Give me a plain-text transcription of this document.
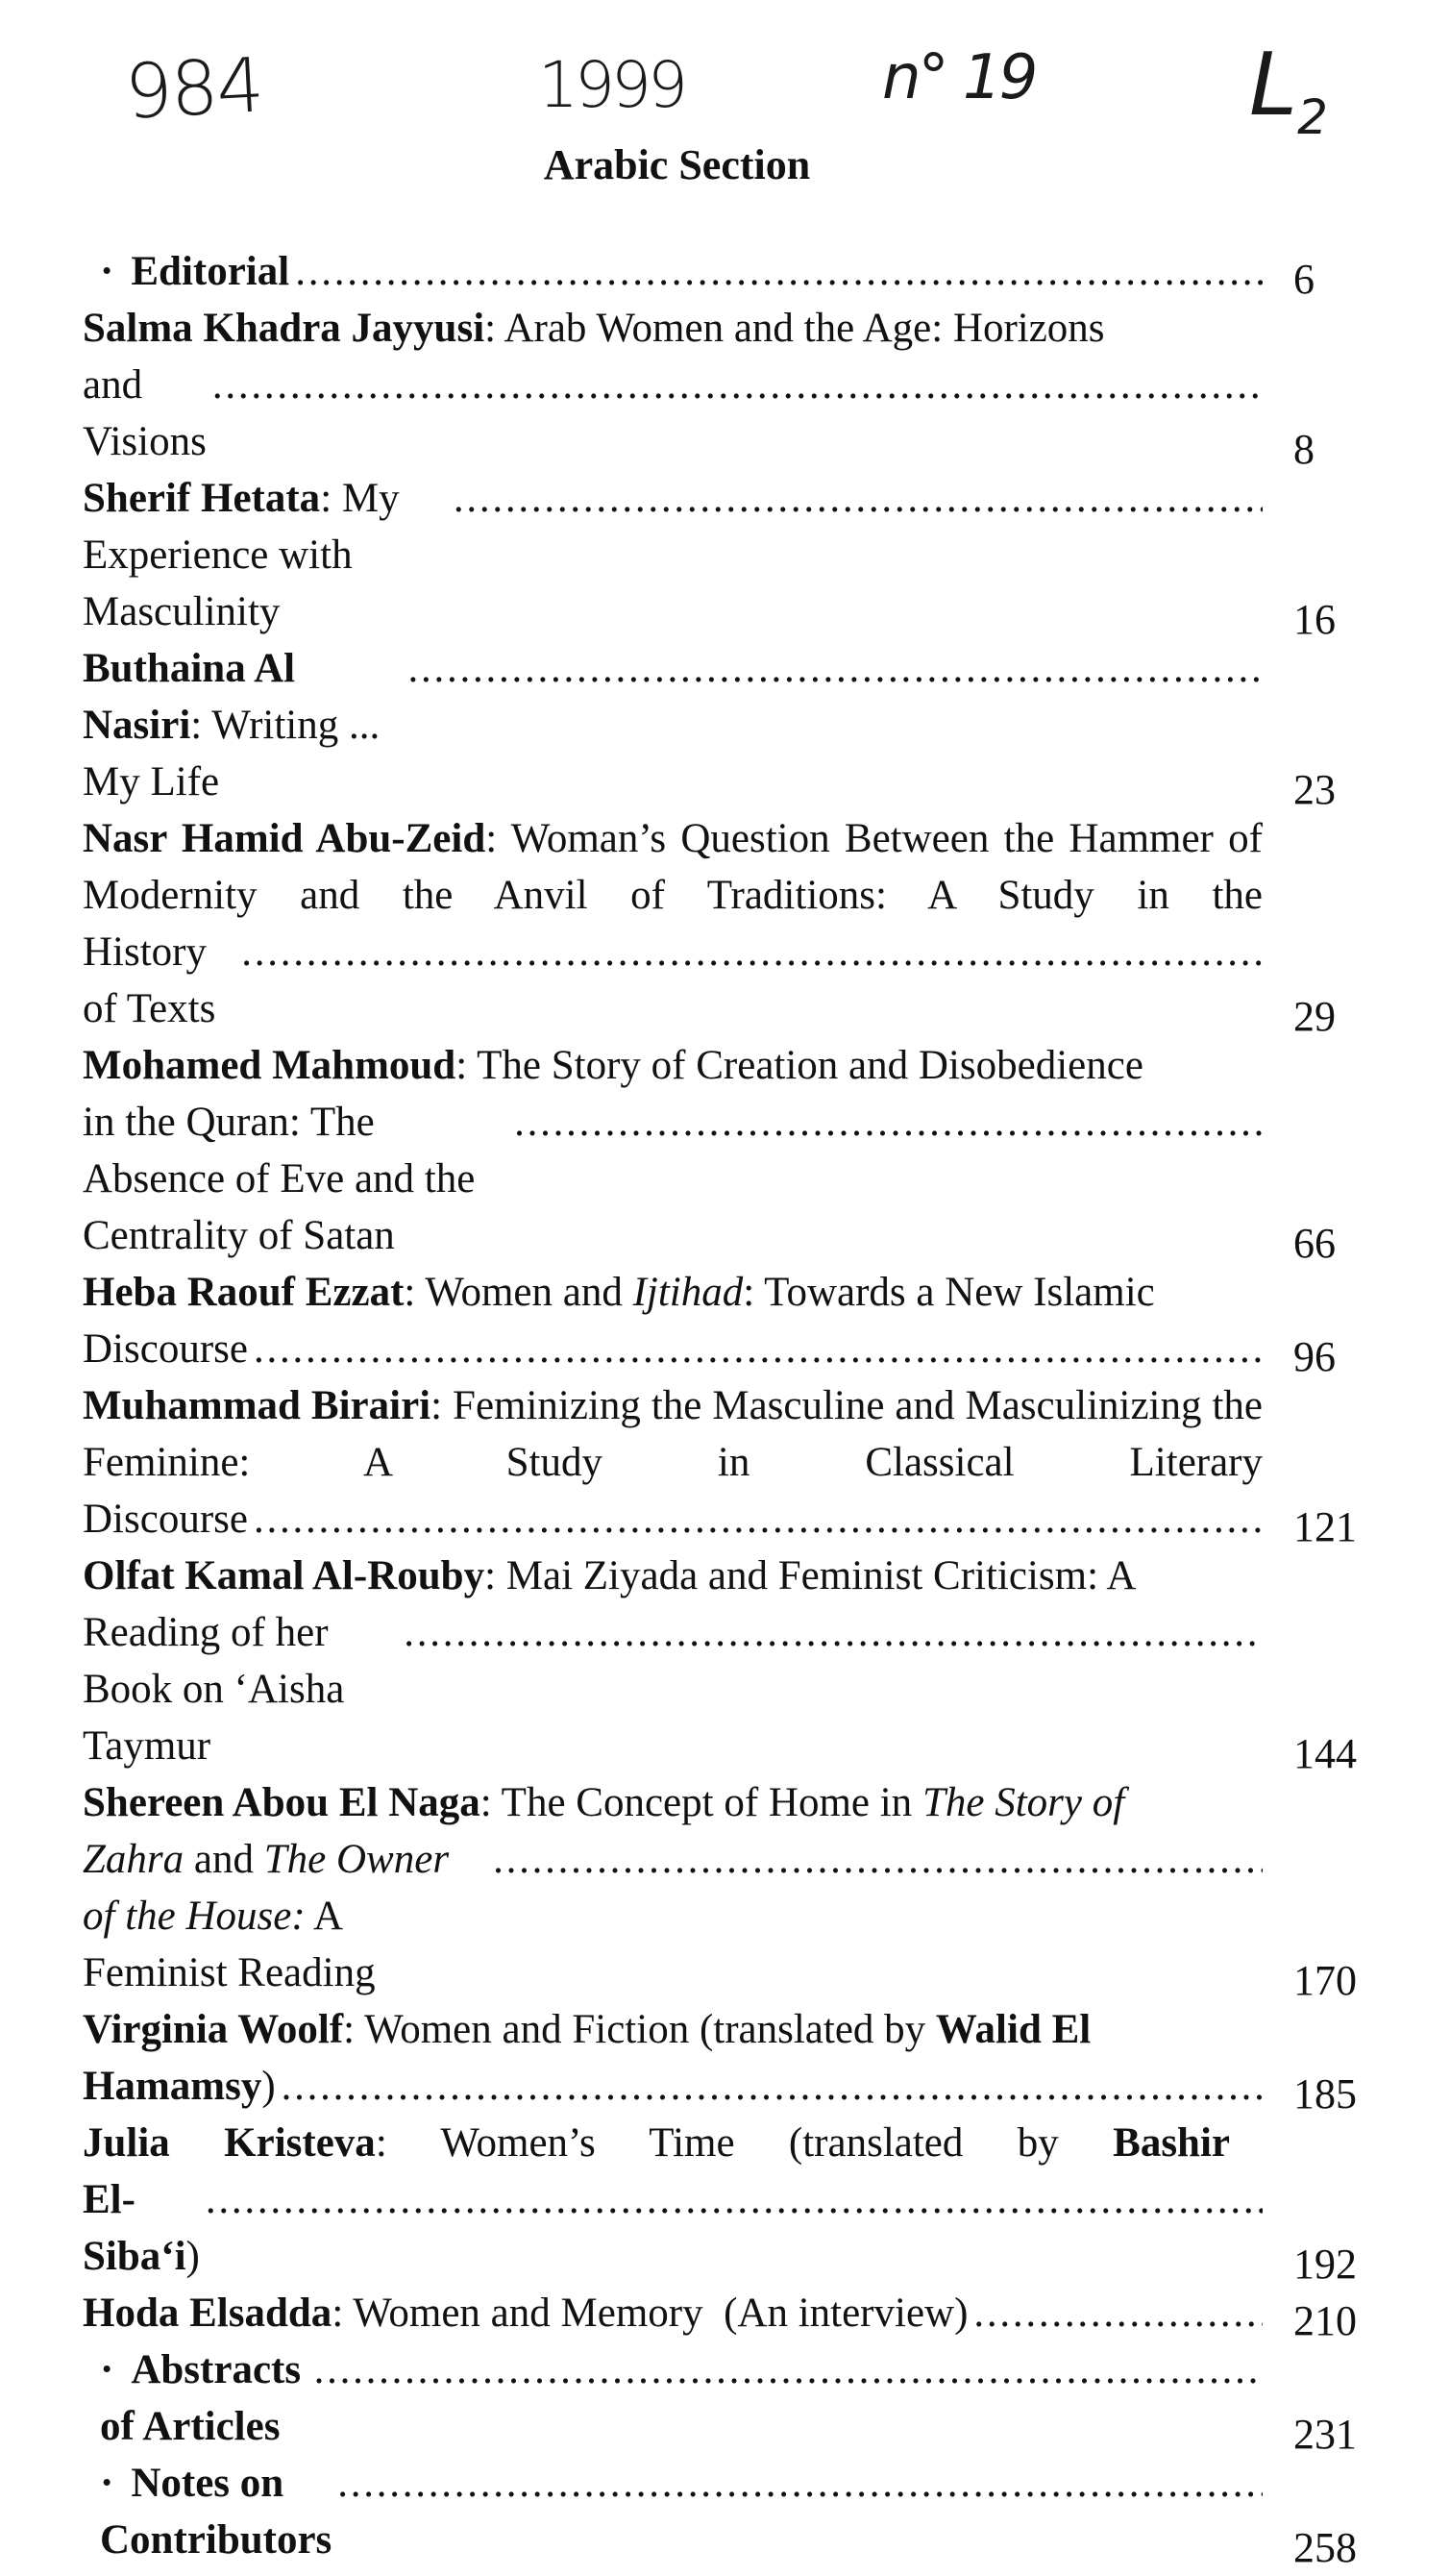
984	1999	n° 19 $L_2$
Arabic Section
· Editorial . . .	6
Salma Khadra Jayyusi: Arab Women and the Age: Horizons
and Visions
. . .	8
Sherif Hetata: My Experience with Masculinity
. . .	16
Buthaina Al Nasiri: Writing ... My Life
. . .	23
Nasr Hamid Abu-Zeid: Woman’s Question Between the Hammer of Modernity and the Anvil of Traditions: A Study in the
History of Texts
. . .	29
Mohamed Mahmoud: The Story of Creation and Disobedience
in the Quran: The Absence of Eve and the Centrality of Satan
. . .	66
Heba Raouf Ezzat: Women and Ijtihad: Towards a New Islamic
Discourse . . .	96
Muhammad Birairi: Feminizing the Masculine and Masculinizing the Feminine: A Study in Classical Literary
Discourse . . .	121
Olfat Kamal Al-Rouby: Mai Ziyada and Feminist Criticism: A
Reading of her Book on ‘Aisha Taymur
. . .	144
Shereen Abou El Naga: The Concept of Home in The Story of
Zahra and The Owner of the House: A Feminist Reading
. . .	170
Virginia Woolf: Women and Fiction (translated by Walid El
Hamamsy) . . .	185
Julia Kristeva: Women’s Time (translated by Bashir
El-Siba‘i)
. . .	192
Hoda Elsadda: Women and Memory  (An interview) . . .	210
· Abstracts of Articles
. . .	231
· Notes on Contributors
. . .	258
